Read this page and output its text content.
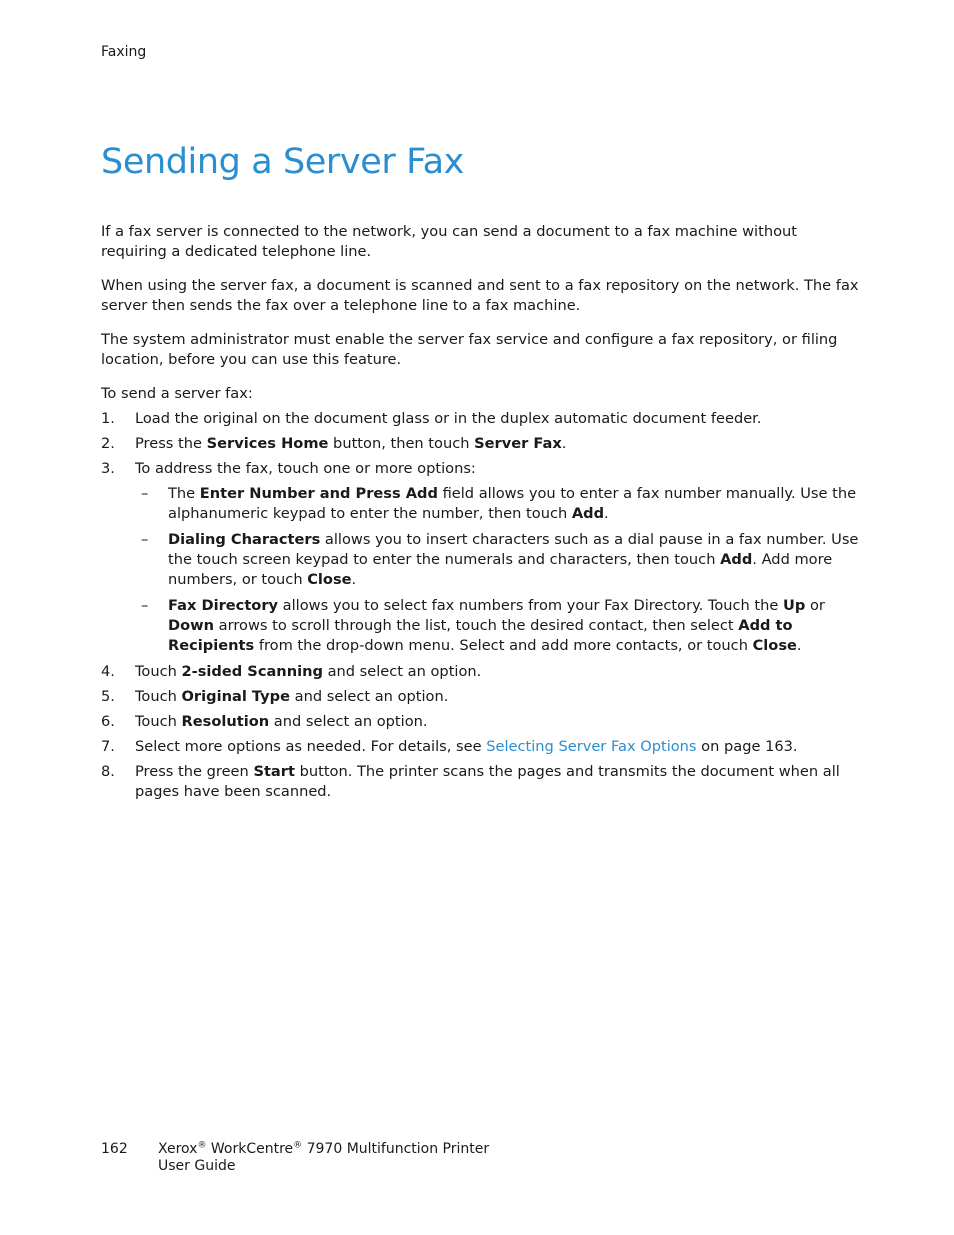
Faxing
Sending a Server Fax

If a fax server is connected to the network, you can send a document to a fax machine without requiring a dedicated telephone line.

When using the server fax, a document is scanned and sent to a fax repository on the network. The fax server then sends the fax over a telephone line to a fax machine.

The system administrator must enable the server fax service and configure a fax repository, or filing location, before you can use this feature.

To send a server fax:

1. Load the original on the document glass or in the duplex automatic document feeder.
2. Press the Services Home button, then touch Server Fax.
3. To address the fax, touch one or more options:
– The Enter Number and Press Add field allows you to enter a fax number manually. Use the alphanumeric keypad to enter the number, then touch Add.
– Dialing Characters allows you to insert characters such as a dial pause in a fax number. Use the touch screen keypad to enter the numerals and characters, then touch Add. Add more numbers, or touch Close.
– Fax Directory allows you to select fax numbers from your Fax Directory. Touch the Up or Down arrows to scroll through the list, touch the desired contact, then select Add to Recipients from the drop-down menu. Select and add more contacts, or touch Close.
4. Touch 2-sided Scanning and select an option.
5. Touch Original Type and select an option.
6. Touch Resolution and select an option.
7. Select more options as needed. For details, see Selecting Server Fax Options on page 163.
8. Press the green Start button. The printer scans the pages and transmits the document when all pages have been scanned.
162 Xerox® WorkCentre® 7970 Multifunction Printer
User Guide
